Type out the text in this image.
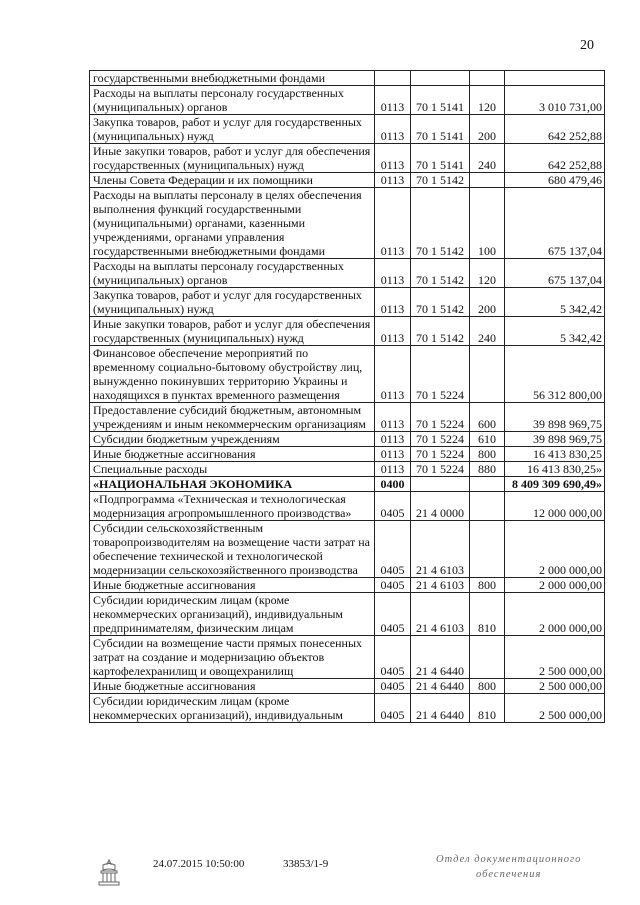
20
государственными внебюджетными фондами				
Расходы на выплаты персоналу государственных (муниципальных) органов	0113	70 1 5141	120	3 010 731,00
Закупка товаров, работ и услуг для государственных (муниципальных) нужд	0113	70 1 5141	200	642 252,88
Иные закупки товаров, работ и услуг для обеспечения государственных (муниципальных) нужд	0113	70 1 5141	240	642 252,88
Члены Совета Федерации и их помощники	0113	70 1 5142		680 479,46
Расходы на выплаты персоналу в целях обеспечения выполнения функций государственными (муниципальными) органами, казенными учреждениями, органами управления государственными внебюджетными фондами	0113	70 1 5142	100	675 137,04
Расходы на выплаты персоналу государственных (муниципальных) органов	0113	70 1 5142	120	675 137,04
Закупка товаров, работ и услуг для государственных (муниципальных) нужд	0113	70 1 5142	200	5 342,42
Иные закупки товаров, работ и услуг для обеспечения государственных (муниципальных) нужд	0113	70 1 5142	240	5 342,42
Финансовое обеспечение мероприятий по временному социально-бытовому обустройству лиц, вынужденно покинувших территорию Украины и находящихся в пунктах временного размещения	0113	70 1 5224		56 312 800,00
Предоставление субсидий бюджетным, автономным учреждениям и иным некоммерческим организациям	0113	70 1 5224	600	39 898 969,75
Субсидии бюджетным учреждениям	0113	70 1 5224	610	39 898 969,75
Иные бюджетные ассигнования	0113	70 1 5224	800	16 413 830,25
Специальные расходы	0113	70 1 5224	880	16 413 830,25»
«НАЦИОНАЛЬНАЯ ЭКОНОМИКА	0400			8 409 309 690,49»
«Подпрограмма «Техническая и технологическая модернизация агропромышленного производства»	0405	21 4 0000		12 000 000,00
Субсидии сельскохозяйственным товаропроизводителям на возмещение части затрат на обеспечение технической и технологической модернизации сельскохозяйственного производства	0405	21 4 6103		2 000 000,00
Иные бюджетные ассигнования	0405	21 4 6103	800	2 000 000,00
Субсидии юридическим лицам (кроме некоммерческих организаций), индивидуальным предпринимателям, физическим лицам	0405	21 4 6103	810	2 000 000,00
Субсидии на возмещение части прямых понесенных затрат на создание и модернизацию объектов картофелехранилищ и овощехранилищ	0405	21 4 6440		2 500 000,00
Иные бюджетные ассигнования	0405	21 4 6440	800	2 500 000,00
Субсидии юридическим лицам (кроме некоммерческих организаций), индивидуальным	0405	21 4 6440	810	2 500 000,00
24.07.2015 10:50:00	33853/1-9	Отдел документационного
обеспечения
